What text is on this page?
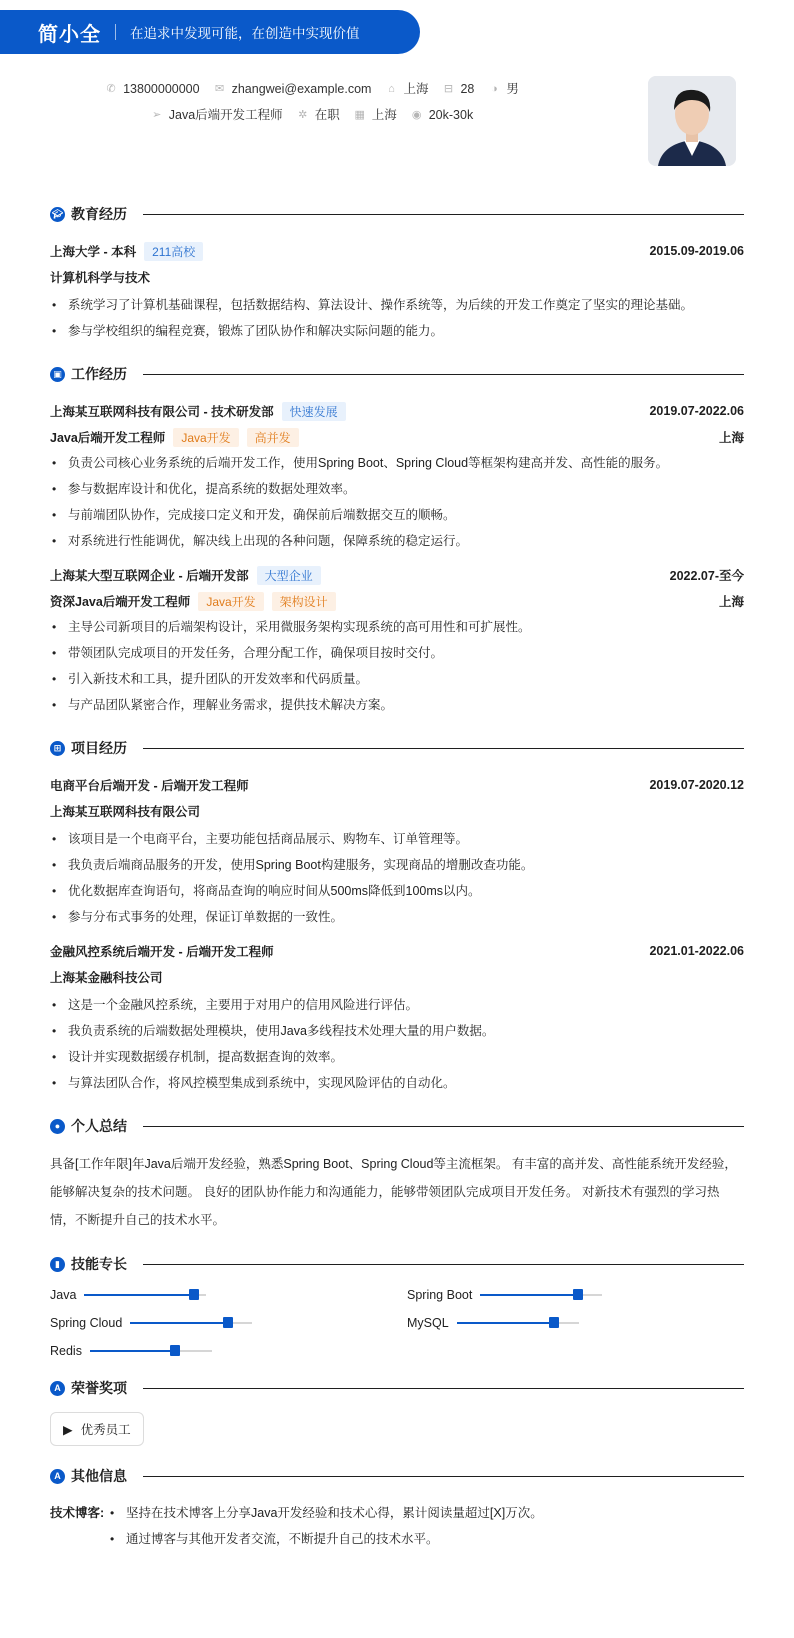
简小全 在追求中发现可能，在创造中实现价值
✆ 13800000000 ✉ zhangwei@example.com ⌂ 上海 ⊟ 28 ◑ 男
➢ Java后端开发工程师 ✲ 在职 ▦ 上海 ◉ 20k-30k
🎓︎ 教育经历
上海大学 - 本科	211高校	2015.09-2019.06
计算机科学与技术
• 系统学习了计算机基础课程，包括数据结构、算法设计、操作系统等，为后续的开发工作奠定了坚实的理论基础。
• 参与学校组织的编程竞赛，锻炼了团队协作和解决实际问题的能力。
▣ 工作经历
上海某互联网科技有限公司 - 技术研发部	快速发展	2019.07-2022.06
Java后端开发工程师	Java开发	高并发	上海
• 负责公司核心业务系统的后端开发工作，使用Spring Boot、Spring Cloud等框架构建高并发、高性能的服务。
• 参与数据库设计和优化，提高系统的数据处理效率。
• 与前端团队协作，完成接口定义和开发，确保前后端数据交互的顺畅。
• 对系统进行性能调优，解决线上出现的各种问题，保障系统的稳定运行。
上海某大型互联网企业 - 后端开发部	大型企业	2022.07-至今
资深Java后端开发工程师	Java开发	架构设计	上海
• 主导公司新项目的后端架构设计，采用微服务架构实现系统的高可用性和可扩展性。
• 带领团队完成项目的开发任务，合理分配工作，确保项目按时交付。
• 引入新技术和工具，提升团队的开发效率和代码质量。
• 与产品团队紧密合作，理解业务需求，提供技术解决方案。
⊞ 项目经历
电商平台后端开发 - 后端开发工程师	2019.07-2020.12
上海某互联网科技有限公司
• 该项目是一个电商平台，主要功能包括商品展示、购物车、订单管理等。
• 我负责后端商品服务的开发，使用Spring Boot构建服务，实现商品的增删改查功能。
• 优化数据库查询语句，将商品查询的响应时间从500ms降低到100ms以内。
• 参与分布式事务的处理，保证订单数据的一致性。
金融风控系统后端开发 - 后端开发工程师	2021.01-2022.06
上海某金融科技公司
• 这是一个金融风控系统，主要用于对用户的信用风险进行评估。
• 我负责系统的后端数据处理模块，使用Java多线程技术处理大量的用户数据。
• 设计并实现数据缓存机制，提高数据查询的效率。
• 与算法团队合作，将风控模型集成到系统中，实现风险评估的自动化。
● 个人总结

具备[工作年限]年Java后端开发经验，熟悉Spring Boot、Spring Cloud等主流框架。 有丰富的高并发、高性能系统开发经验，能够解决复杂的技术问题。 良好的团队协作能力和沟通能力，能够带领团队完成项目开发任务。 对新技术有强烈的学习热情，不断提升自己的技术水平。

▮ 技能专长
Java	Spring Boot
Spring Cloud	MySQL
Redis
A 荣誉奖项
▶ 优秀员工
A 其他信息
技术博客:	• 坚持在技术博客上分享Java开发经验和技术心得，累计阅读量超过[X]万次。
• 通过博客与其他开发者交流，不断提升自己的技术水平。
